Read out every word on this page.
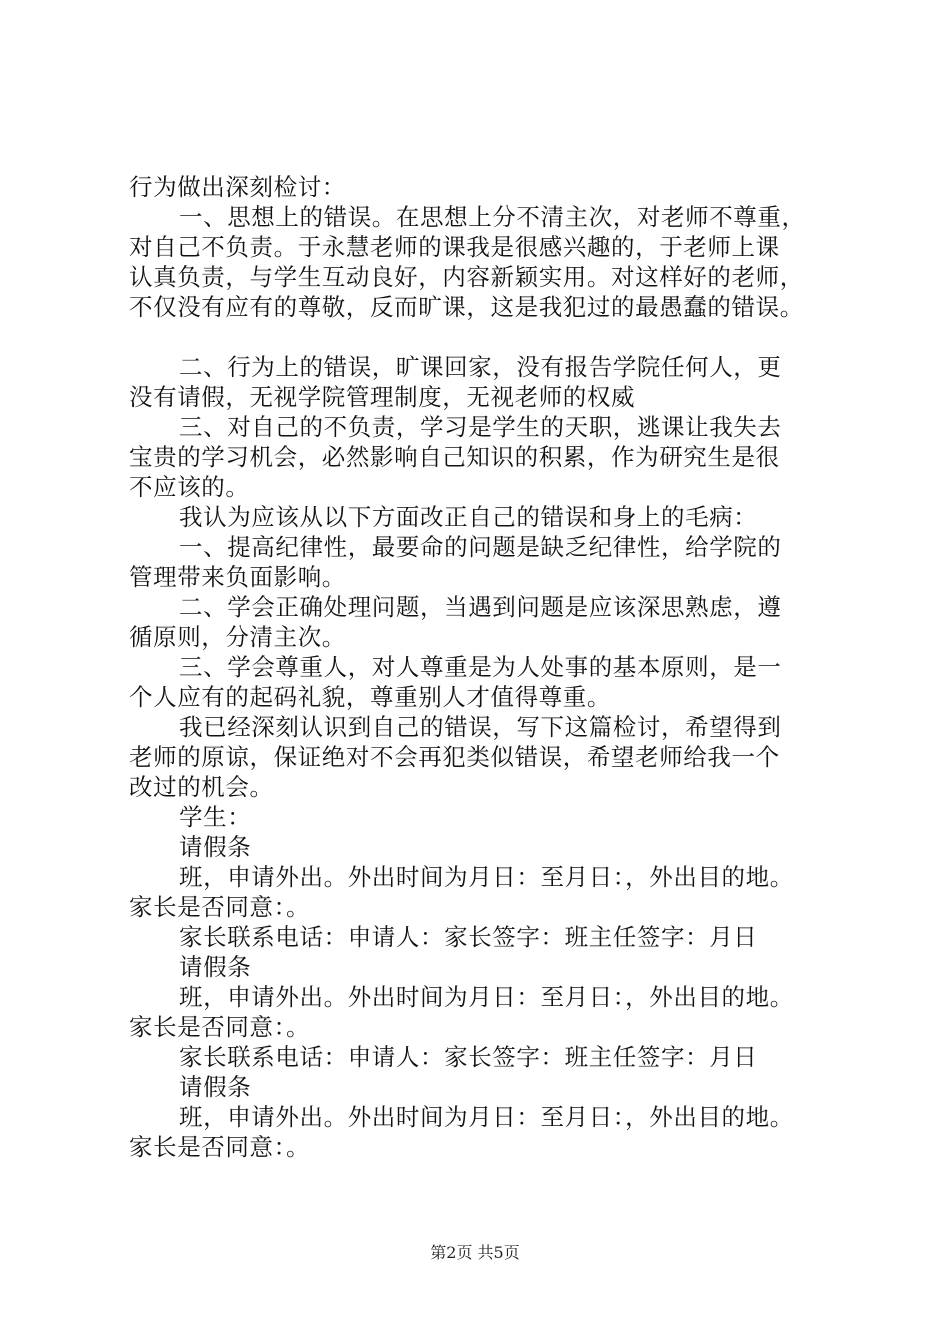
行为做出深刻检讨：
一、思想上的错误。在思想上分不清主次，对老师不尊重，
对自己不负责。于永慧老师的课我是很感兴趣的，于老师上课
认真负责，与学生互动良好，内容新颖实用。对这样好的老师，
不仅没有应有的尊敬，反而旷课，这是我犯过的最愚蠢的错误。
二、行为上的错误，旷课回家，没有报告学院任何人，更
没有请假，无视学院管理制度，无视老师的权威
三、对自己的不负责，学习是学生的天职，逃课让我失去
宝贵的学习机会，必然影响自己知识的积累，作为研究生是很
不应该的。
我认为应该从以下方面改正自己的错误和身上的毛病：
一、提高纪律性，最要命的问题是缺乏纪律性，给学院的
管理带来负面影响。
二、学会正确处理问题，当遇到问题是应该深思熟虑，遵
循原则，分清主次。
三、学会尊重人，对人尊重是为人处事的基本原则，是一
个人应有的起码礼貌，尊重别人才值得尊重。
我已经深刻认识到自己的错误，写下这篇检讨，希望得到
老师的原谅，保证绝对不会再犯类似错误，希望老师给我一个
改过的机会。
学生：
请假条
班，申请外出。外出时间为月日：至月日：，外出目的地。
家长是否同意：。
家长联系电话：申请人：家长签字：班主任签字：月日
请假条
班，申请外出。外出时间为月日：至月日：，外出目的地。
家长是否同意：。
家长联系电话：申请人：家长签字：班主任签字：月日
请假条
班，申请外出。外出时间为月日：至月日：，外出目的地。
家长是否同意：。
第2页 共5页
